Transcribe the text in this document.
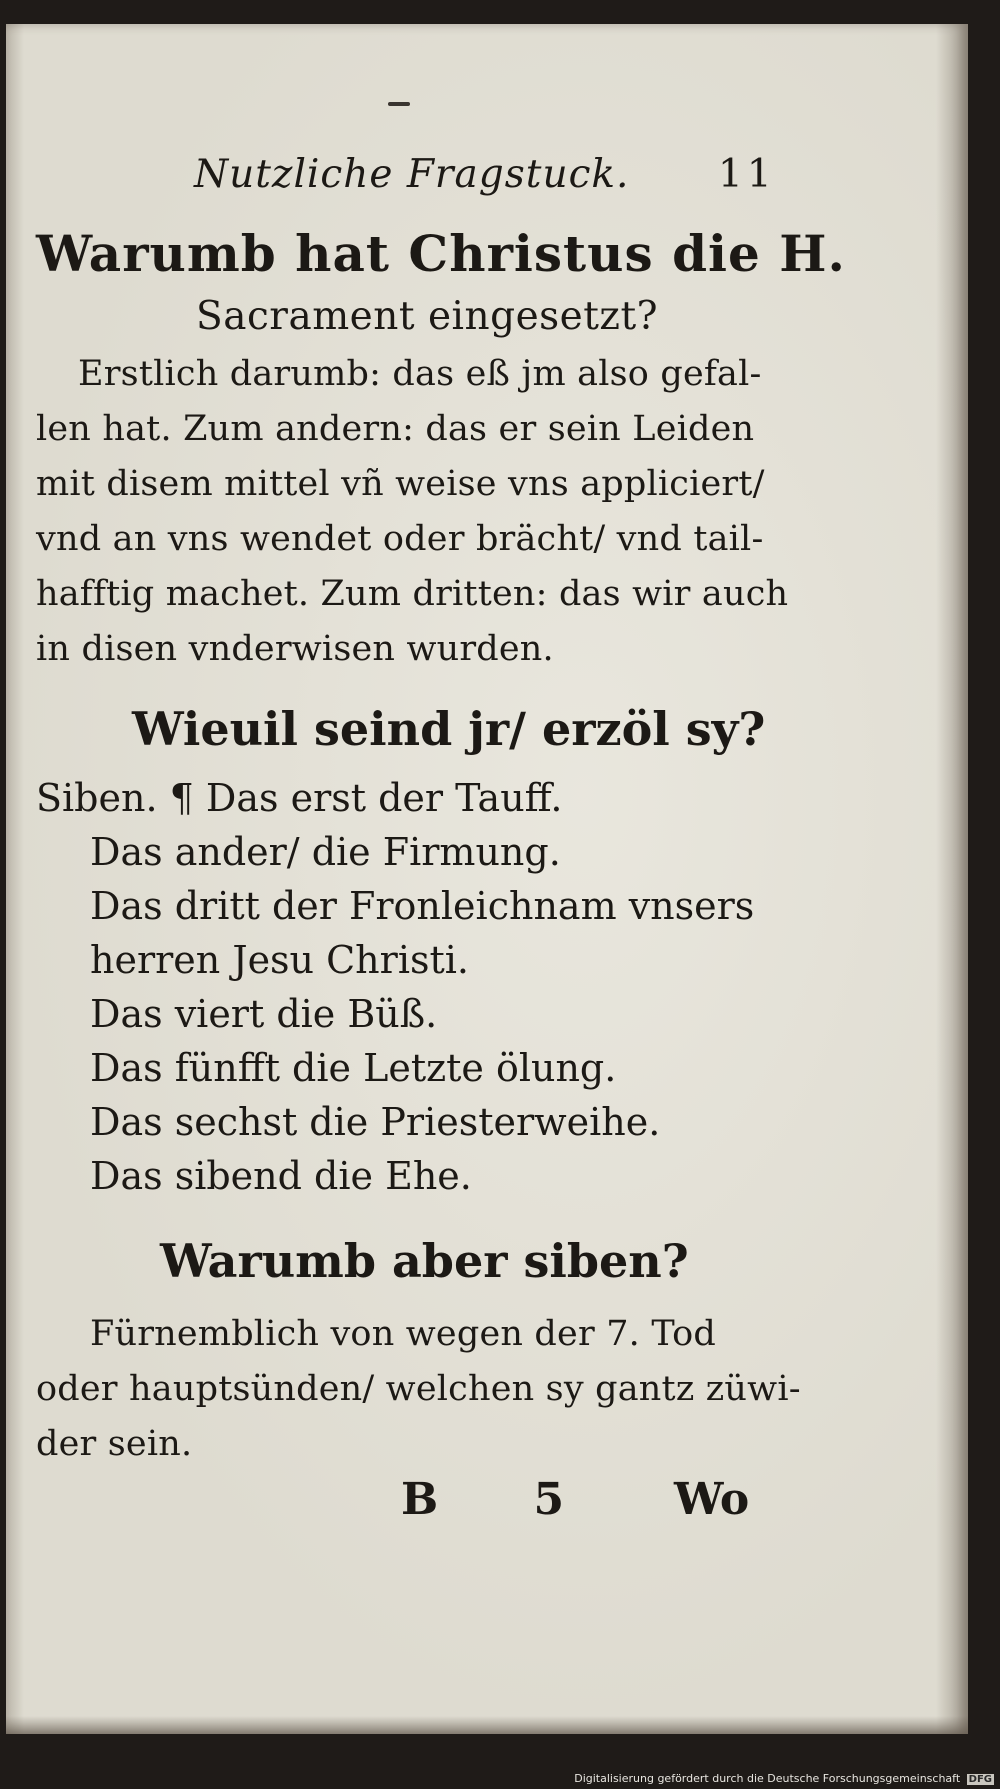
Nutzliche Fragstuck. 11
Warumb hat Christus die H.
Sacrament eingesetzt?
Erstlich darumb: das eß jm also gefal-
len hat. Zum andern: das er sein Leiden
mit disem mittel vñ weise vns appliciert/
vnd an vns wendet oder brächt/ vnd tail-
hafftig machet. Zum dritten: das wir auch
in disen vnderwisen wurden.
Wieuil seind jr/ erzöl sy?
Siben. ¶ Das erst der Tauff.
Das ander/ die Firmung.
Das dritt der Fronleichnam vnsers
herren Jesu Christi.
Das viert die Büß.
Das fünfft die Letzte ölung.
Das sechst die Priesterweihe.
Das sibend die Ehe.
Warumb aber siben?
Fürnemblich von wegen der 7. Tod
oder hauptsünden/ welchen sy gantz züwi-
der sein.
B 5 Wo
Digitalisierung gefördert durch die Deutsche Forschungsgemeinschaft DFG
